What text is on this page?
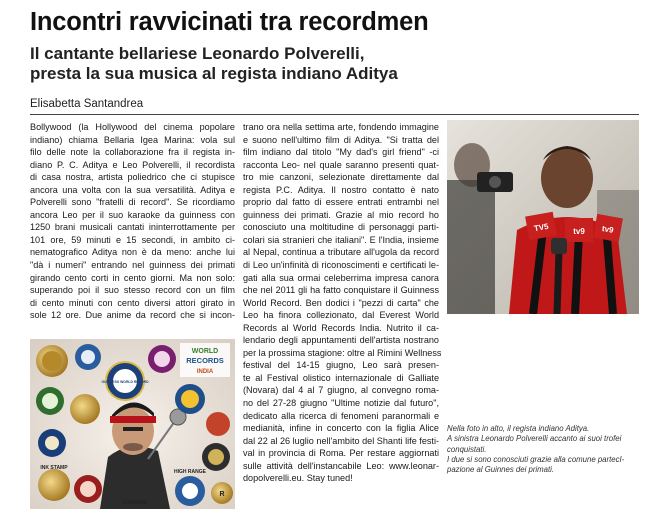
Incontri ravvicinati tra recordmen
Il cantante bellariese Leonardo Polverelli,
presta la sua musica al regista indiano Aditya
Elisabetta Santandrea
Bollywood (la Hollywood del cinema popolare
indiano) chiama Bellaria Igea Marina: vola sul
filo delle note la collaborazione fra il regista in-
diano P. C. Aditya e Leo Polverelli, il recordista
di casa nostra, artista poliedrico che ci stupisce
ancora una volta con la sua versatilità. Aditya e
Polverelli sono "fratelli di record". Se ricordiamo
ancora Leo per il suo karaoke da guinness con
1250 brani musicali cantati ininterrottamente per
101 ore, 59 minuti e 15 secondi, in ambito ci-
nematografico Aditya non è da meno: anche lui
"dà i numeri" entrando nel guinness dei primati
girando cento corti in cento giorni. Ma non solo:
superando poi il suo stesso record con un film
di cento minuti con cento diversi attori girato in
sole 12 ore. Due anime da record che si incon-
trano ora nella settima arte, fondendo immagine
e suono nell'ultimo film di Aditya. "Si tratta del
film indiano dal titolo "My dad's girl friend" -ci
racconta Leo- nel quale saranno presenti quat-
tro mie canzoni, selezionate direttamente dal
regista P.C. Aditya. Il nostro contatto è nato
proprio dal fatto di essere entrati entrambi nel
guinness dei primati. Grazie al mio record ho
conosciuto una moltitudine di personaggi parti-
colari sia stranieri che italiani". E l'India, insieme
al Nepal, continua a tributare all'ugola da record
di Leo un'infinità di riconoscimenti e certificati le-
gati alla sua ormai celeberrima impresa canora
che nel 2011 gli ha fatto conquistare il Guinness
World Record. Ben dodici i "pezzi di carta" che
Leo ha finora collezionato, dal Everest World
Records al World Records India. Nutrito il ca-
lendario degli appuntamenti dell'artista nostrano
per la prossima stagione: oltre al Rimini Wellness
festival del 14-15 giugno, Leo sarà presen-
te al Festival olistico internazionale di Galliate
(Novara) dal 4 al 7 giugno, al convegno roma-
no del 27-28 giugno "Ultime notizie dal futuro",
dedicato alla ricerca di fenomeni paranormali e
medianità, infine in concerto con la figlia Alice
dal 22 al 26 luglio nell'ambito del Shanti life festi-
val in provincia di Roma. Per restare aggiornati
sulle attività dell'instancabile Leo: www.leonar-
dopolverelli.eu. Stay tuned!
WORLD
RECORDS
INDIA
GUINNESS WORLD RECORD
INK STAMP
HIGH RANGE
R
SUPREME
TV5	tv9 tv9
Nella foto in alto, il regista indiano Aditya.
A sinistra Leonardo Polverelli accanto ai suoi trofei
conquistati.
I due si sono conosciuti grazie alla comune partecI-
pazione al Guinnes dei primati.
